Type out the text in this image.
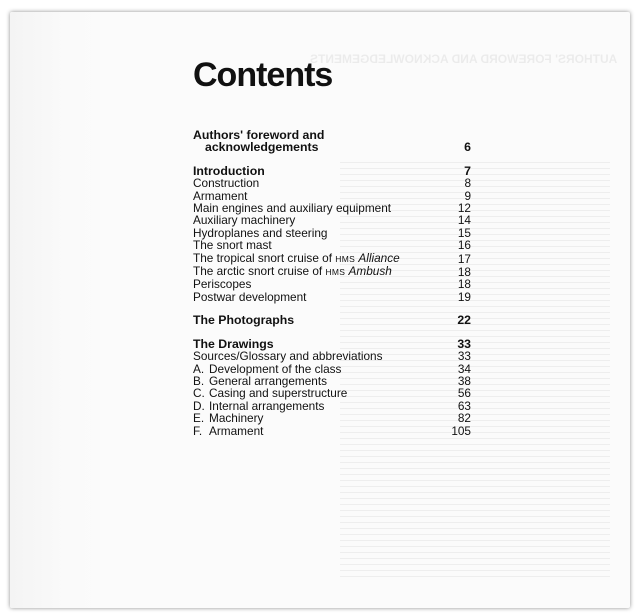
AUTHORS' FOREWORD AND ACKNOWLEDGEMENTS
Contents
Authors' foreword and
acknowledgements	6
Introduction	7
Construction	8
Armament	9
Main engines and auxiliary equipment	12
Auxiliary machinery	14
Hydroplanes and steering	15
The snort mast	16
The tropical snort cruise of HMS Alliance	17
The arctic snort cruise of HMS Ambush	18
Periscopes	18
Postwar development	19
The Photographs	22
The Drawings	33
Sources/Glossary and abbreviations	33
A. Development of the class	34
B. General arrangements	38
C. Casing and superstructure	56
D. Internal arrangements	63
E. Machinery	82
F. Armament	105
